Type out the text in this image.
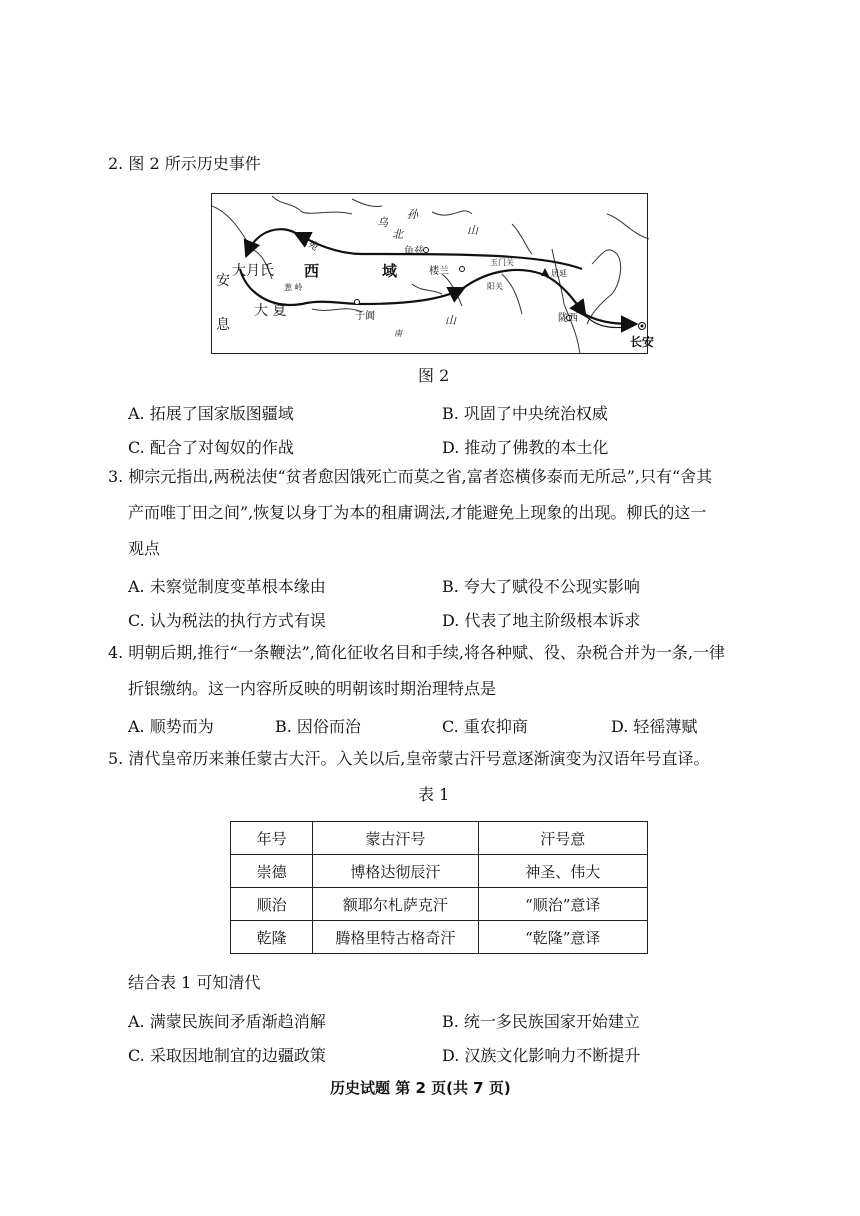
2. 图 2 所示历史事件
乌
孙
山
北
大宛	龟兹
大月氏 西	域	楼兰
玉门关
居延
安	葱 岭	阳关
大 夏	于阗	山	陇西
息
南
长安
图 2
A. 拓展了国家版图疆域	B. 巩固了中央统治权威
C. 配合了对匈奴的作战	D. 推动了佛教的本土化
3. 柳宗元指出,两税法使“贫者愈因饿死亡而莫之省,富者恣横侈泰而无所忌”,只有“舍其
产而唯丁田之间”,恢复以身丁为本的租庸调法,才能避免上现象的出现。柳氏的这一
观点
A. 未察觉制度变革根本缘由	B. 夸大了赋役不公现实影响
C. 认为税法的执行方式有误	D. 代表了地主阶级根本诉求
4. 明朝后期,推行“一条鞭法”,简化征收名目和手续,将各种赋、役、杂税合并为一条,一律
折银缴纳。这一内容所反映的明朝该时期治理特点是
A. 顺势而为	B. 因俗而治	C. 重农抑商	D. 轻徭薄赋
5. 清代皇帝历来兼任蒙古大汗。入关以后,皇帝蒙古汗号意逐渐演变为汉语年号直译。
表 1
年号	蒙古汗号	汗号意
崇德	博格达彻辰汗	神圣、伟大
顺治	额耶尔札萨克汗	“顺治”意译
乾隆	腾格里特古格奇汗	“乾隆”意译
结合表 1 可知清代
A. 满蒙民族间矛盾渐趋消解	B. 统一多民族国家开始建立
C. 采取因地制宜的边疆政策	D. 汉族文化影响力不断提升
历史试题 第 2 页(共 7 页)
